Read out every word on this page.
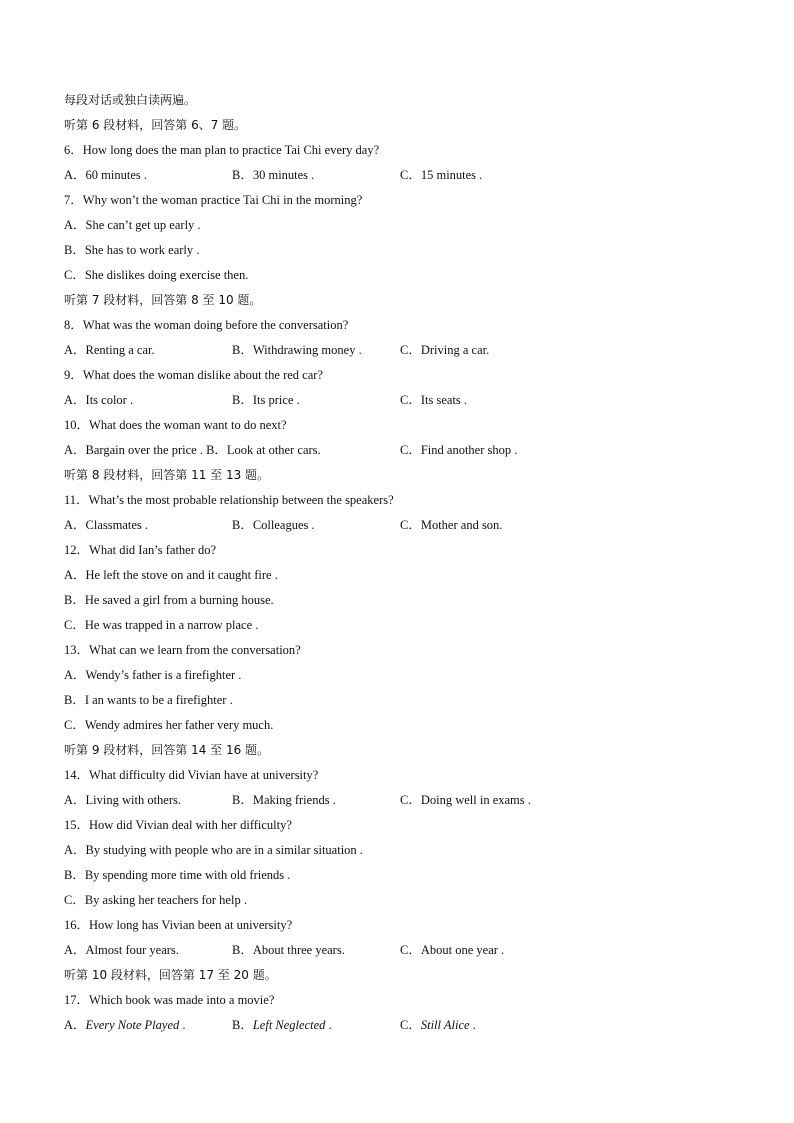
每段对话或独白读两遍。
听第 6 段材料，回答第 6、7 题。
6．How long does the man plan to practice Tai Chi every day?
A．60 minutes .	B．30 minutes .	C．15 minutes .
7．Why won’t the woman practice Tai Chi in the morning?
A．She can’t get up early .
B．She has to work early .
C．She dislikes doing exercise then.
听第 7 段材料，回答第 8 至 10 题。
8．What was the woman doing before the conversation?
A．Renting a car.	B．Withdrawing money .	C．Driving a car.
9．What does the woman dislike about the red car?
A．Its color .	B．Its price .	C．Its seats .
10．What does the woman want to do next?
A．Bargain over the price . B．Look at other cars.	C．Find another shop .
听第 8 段材料，回答第 11 至 13 题。
11．What’s the most probable relationship between the speakers?
A．Classmates .	B．Colleagues .	C．Mother and son.
12．What did Ian’s father do?
A．He left the stove on and it caught fire .
B．He saved a girl from a burning house.
C．He was trapped in a narrow place .
13．What can we learn from the conversation?
A．Wendy’s father is a firefighter .
B．I an wants to be a firefighter .
C．Wendy admires her father very much.
听第 9 段材料，回答第 14 至 16 题。
14．What difficulty did Vivian have at university?
A．Living with others.	B．Making friends .	C．Doing well in exams .
15．How did Vivian deal with her difficulty?
A．By studying with people who are in a similar situation .
B．By spending more time with old friends .
C．By asking her teachers for help .
16．How long has Vivian been at university?
A．Almost four years.	B．About three years.	C．About one year .
听第 10 段材料，回答第 17 至 20 题。
17．Which book was made into a movie?
A．Every Note Played .	B．Left Neglected .	C．Still Alice .
